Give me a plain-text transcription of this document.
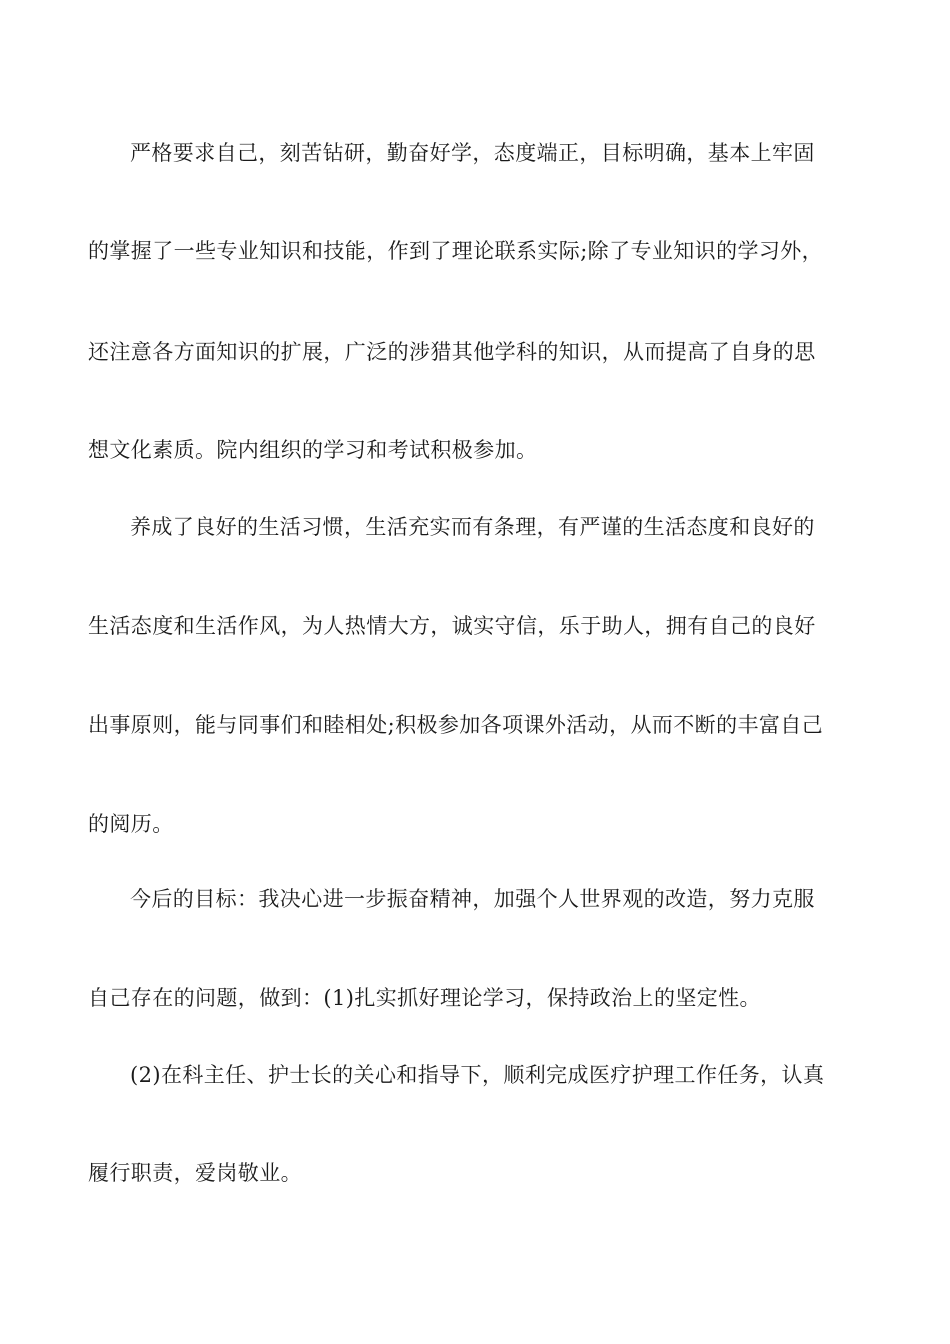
严格要求自己，刻苦钻研，勤奋好学，态度端正，目标明确，基本上牢固
的掌握了一些专业知识和技能，作到了理论联系实际;除了专业知识的学习外，
还注意各方面知识的扩展，广泛的涉猎其他学科的知识，从而提高了自身的思
想文化素质。院内组织的学习和考试积极参加。
养成了良好的生活习惯，生活充实而有条理，有严谨的生活态度和良好的
生活态度和生活作风，为人热情大方，诚实守信，乐于助人，拥有自己的良好
出事原则，能与同事们和睦相处;积极参加各项课外活动，从而不断的丰富自己
的阅历。
今后的目标：我决心进一步振奋精神，加强个人世界观的改造，努力克服
自己存在的问题，做到：(1)扎实抓好理论学习，保持政治上的坚定性。
(2)在科主任、护士长的关心和指导下，顺利完成医疗护理工作任务，认真
履行职责，爱岗敬业。
